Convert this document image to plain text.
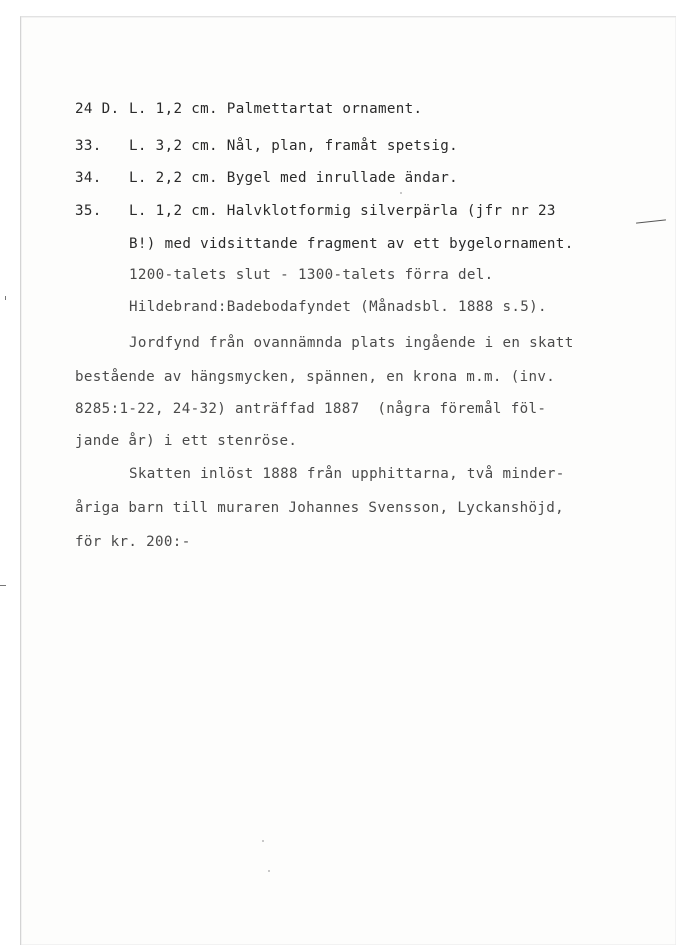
24 D. L. 1,2 cm. Palmettartat ornament.
33. L. 3,2 cm. Nål, plan, framåt spetsig.
34. L. 2,2 cm. Bygel med inrullade ändar.
35. L. 1,2 cm. Halvklotformig silverpärla (jfr nr 23
B!) med vidsittande fragment av ett bygelornament.
1200-talets slut - 1300-talets förra del.
Hildebrand:Badebodafyndet (Månadsbl. 1888 s.5).
Jordfynd från ovannämnda plats ingående i en skatt
bestående av hängsmycken, spännen, en krona m.m. (inv.
8285:1-22, 24-32) anträffad 1887  (några föremål föl-
jande år) i ett stenröse.
Skatten inlöst 1888 från upphittarna, två minder-
åriga barn till muraren Johannes Svensson, Lyckanshöjd,
för kr. 200:-
